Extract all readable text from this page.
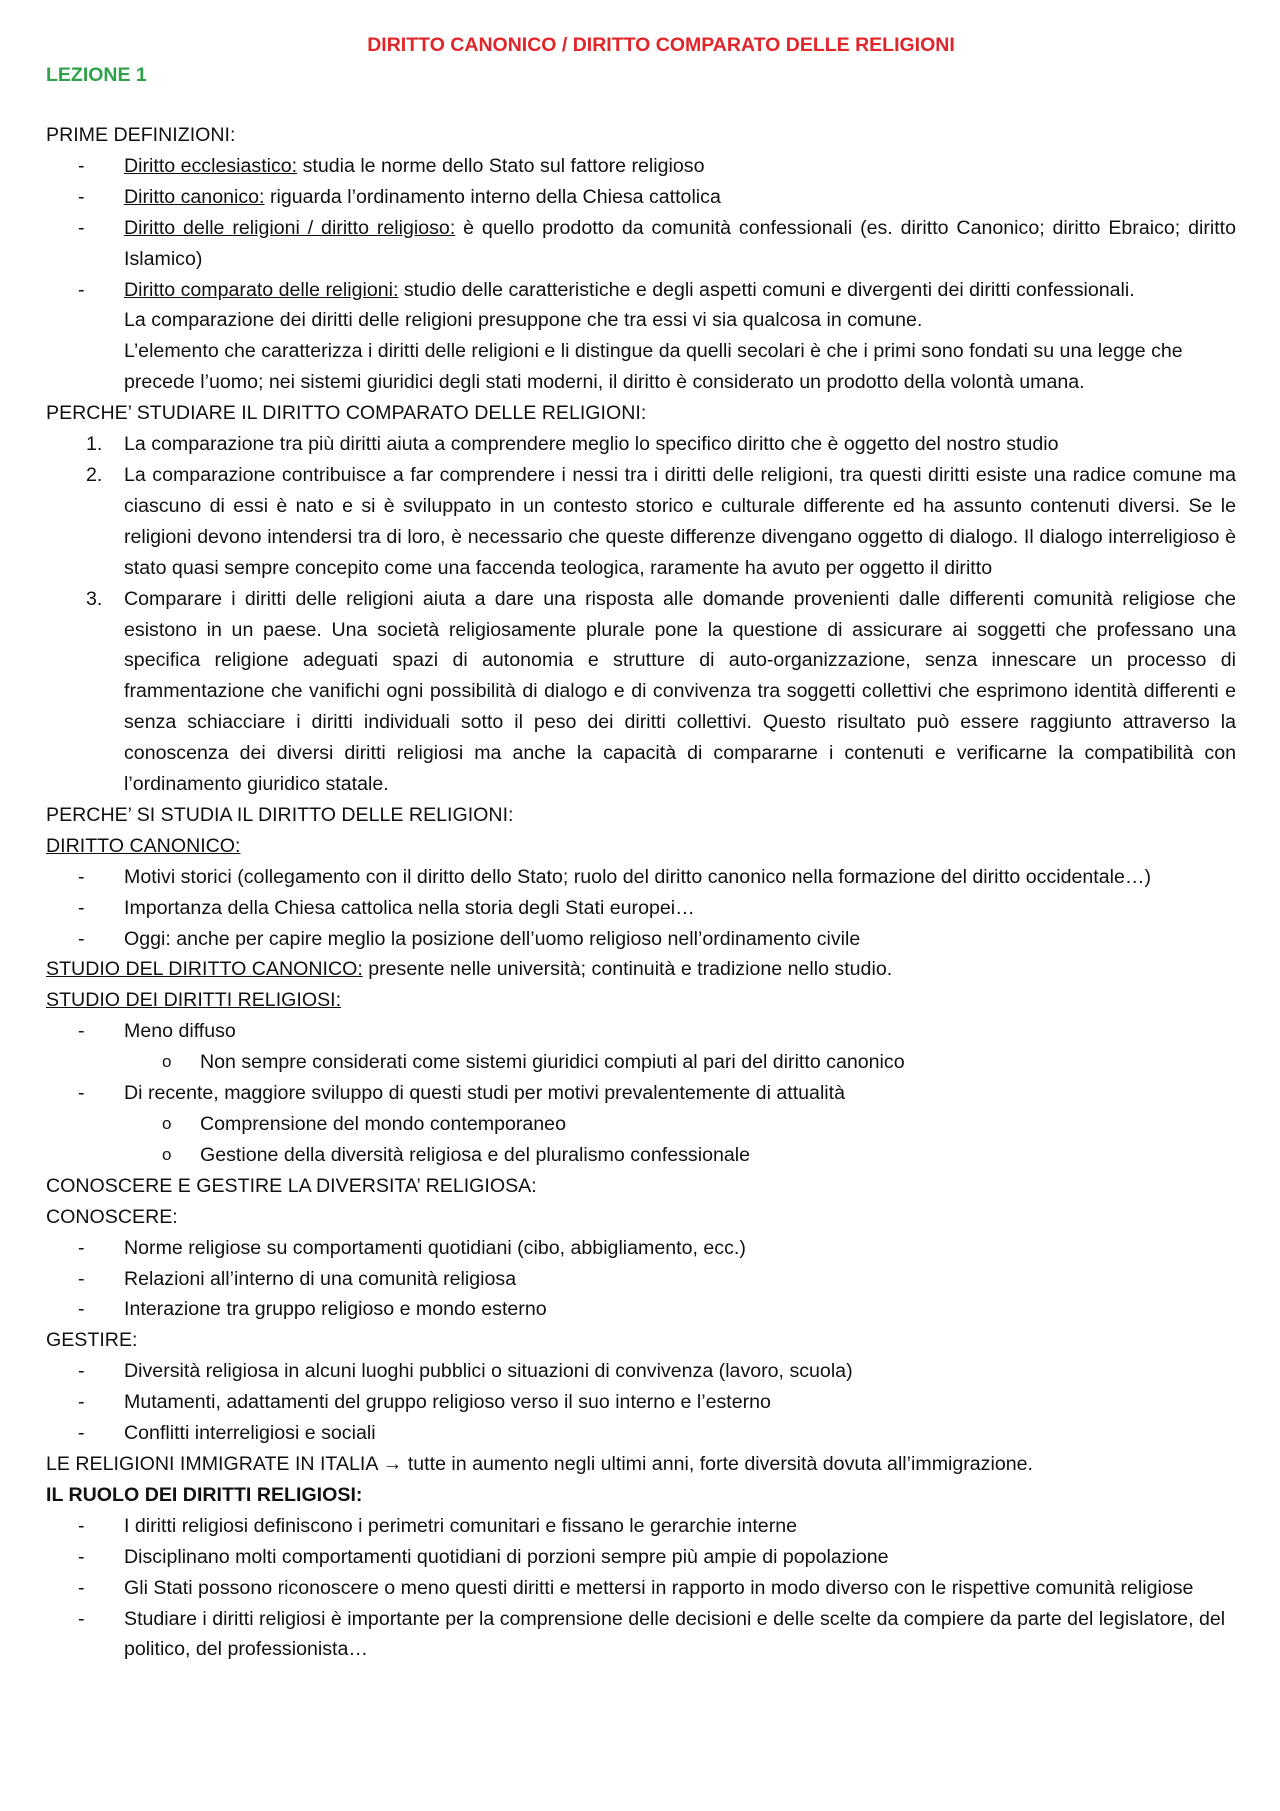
DIRITTO CANONICO / DIRITTO COMPARATO DELLE RELIGIONI
LEZIONE 1
PRIME DEFINIZIONI:
- Diritto ecclesiastico: studia le norme dello Stato sul fattore religioso
- Diritto canonico: riguarda l’ordinamento interno della Chiesa cattolica
- Diritto delle religioni / diritto religioso: è quello prodotto da comunità confessionali (es. diritto Canonico; diritto Ebraico; diritto Islamico)
- Diritto comparato delle religioni: studio delle caratteristiche e degli aspetti comuni e divergenti dei diritti confessionali.

La comparazione dei diritti delle religioni presuppone che tra essi vi sia qualcosa in comune.

L’elemento che caratterizza i diritti delle religioni e li distingue da quelli secolari è che i primi sono fondati su una legge che precede l’uomo; nei sistemi giuridici degli stati moderni, il diritto è considerato un prodotto della volontà umana.

PERCHE’ STUDIARE IL DIRITTO COMPARATO DELLE RELIGIONI:
1. La comparazione tra più diritti aiuta a comprendere meglio lo specifico diritto che è oggetto del nostro studio
2. La comparazione contribuisce a far comprendere i nessi tra i diritti delle religioni, tra questi diritti esiste una radice comune ma ciascuno di essi è nato e si è sviluppato in un contesto storico e culturale differente ed ha assunto contenuti diversi. Se le religioni devono intendersi tra di loro, è necessario che queste differenze divengano oggetto di dialogo. Il dialogo interreligioso è stato quasi sempre concepito come una faccenda teologica, raramente ha avuto per oggetto il diritto
3. Comparare i diritti delle religioni aiuta a dare una risposta alle domande provenienti dalle differenti comunità religiose che esistono in un paese. Una società religiosamente plurale pone la questione di assicurare ai soggetti che professano una specifica religione adeguati spazi di autonomia e strutture di auto-organizzazione, senza innescare un processo di frammentazione che vanifichi ogni possibilità di dialogo e di convivenza tra soggetti collettivi che esprimono identità differenti e senza schiacciare i diritti individuali sotto il peso dei diritti collettivi. Questo risultato può essere raggiunto attraverso la conoscenza dei diversi diritti religiosi ma anche la capacità di compararne i contenuti e verificarne la compatibilità con l’ordinamento giuridico statale.
PERCHE’ SI STUDIA IL DIRITTO DELLE RELIGIONI:
DIRITTO CANONICO:
- Motivi storici (collegamento con il diritto dello Stato; ruolo del diritto canonico nella formazione del diritto occidentale…)
- Importanza della Chiesa cattolica nella storia degli Stati europei…
- Oggi: anche per capire meglio la posizione dell’uomo religioso nell’ordinamento civile
STUDIO DEL DIRITTO CANONICO: presente nelle università; continuità e tradizione nello studio.
STUDIO DEI DIRITTI RELIGIOSI:
- Meno diffuso
o Non sempre considerati come sistemi giuridici compiuti al pari del diritto canonico
- Di recente, maggiore sviluppo di questi studi per motivi prevalentemente di attualità
o Comprensione del mondo contemporaneo
o Gestione della diversità religiosa e del pluralismo confessionale
CONOSCERE E GESTIRE LA DIVERSITA’ RELIGIOSA:
CONOSCERE:
- Norme religiose su comportamenti quotidiani (cibo, abbigliamento, ecc.)
- Relazioni all’interno di una comunità religiosa
- Interazione tra gruppo religioso e mondo esterno
GESTIRE:
- Diversità religiosa in alcuni luoghi pubblici o situazioni di convivenza (lavoro, scuola)
- Mutamenti, adattamenti del gruppo religioso verso il suo interno e l’esterno
- Conflitti interreligiosi e sociali
LE RELIGIONI IMMIGRATE IN ITALIA → tutte in aumento negli ultimi anni, forte diversità dovuta all’immigrazione.
IL RUOLO DEI DIRITTI RELIGIOSI:
- I diritti religiosi definiscono i perimetri comunitari e fissano le gerarchie interne
- Disciplinano molti comportamenti quotidiani di porzioni sempre più ampie di popolazione
- Gli Stati possono riconoscere o meno questi diritti e mettersi in rapporto in modo diverso con le rispettive comunità religiose
- Studiare i diritti religiosi è importante per la comprensione delle decisioni e delle scelte da compiere da parte del legislatore, del politico, del professionista…
